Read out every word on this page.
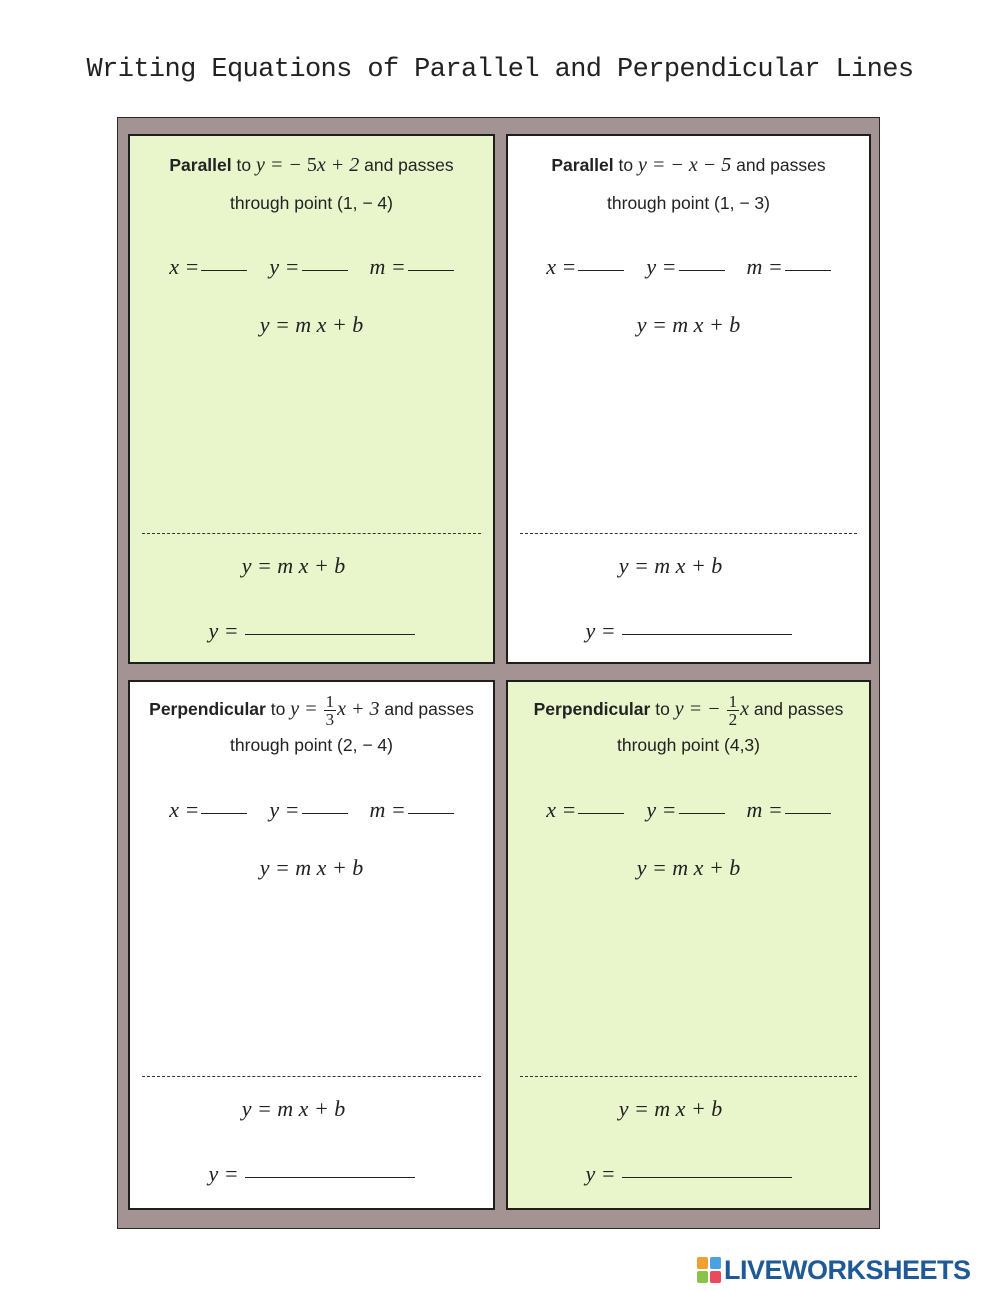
Writing Equations of Parallel and Perpendicular Lines
Parallel to y = − 5x + 2 and passes
through point (1, − 4)
x =	y =	m =
y = m x + b
y = m x + b
y =
Parallel to y = − x − 5 and passes
through point (1, − 3)
x =	y =	m =
y = m x + b
y = m x + b
y =
Perpendicular to $y = \frac{1}{3}$ x + 3 and passes
through point (2, − 4)
x =	y =	m =
y = m x + b
y = m x + b
y =
Perpendicular to y = − $\frac{1}{2}$ x and passes
through point (4,3)
x =	y =	m =
y = m x + b
y = m x + b
y =
LIVEWORKSHEETS
